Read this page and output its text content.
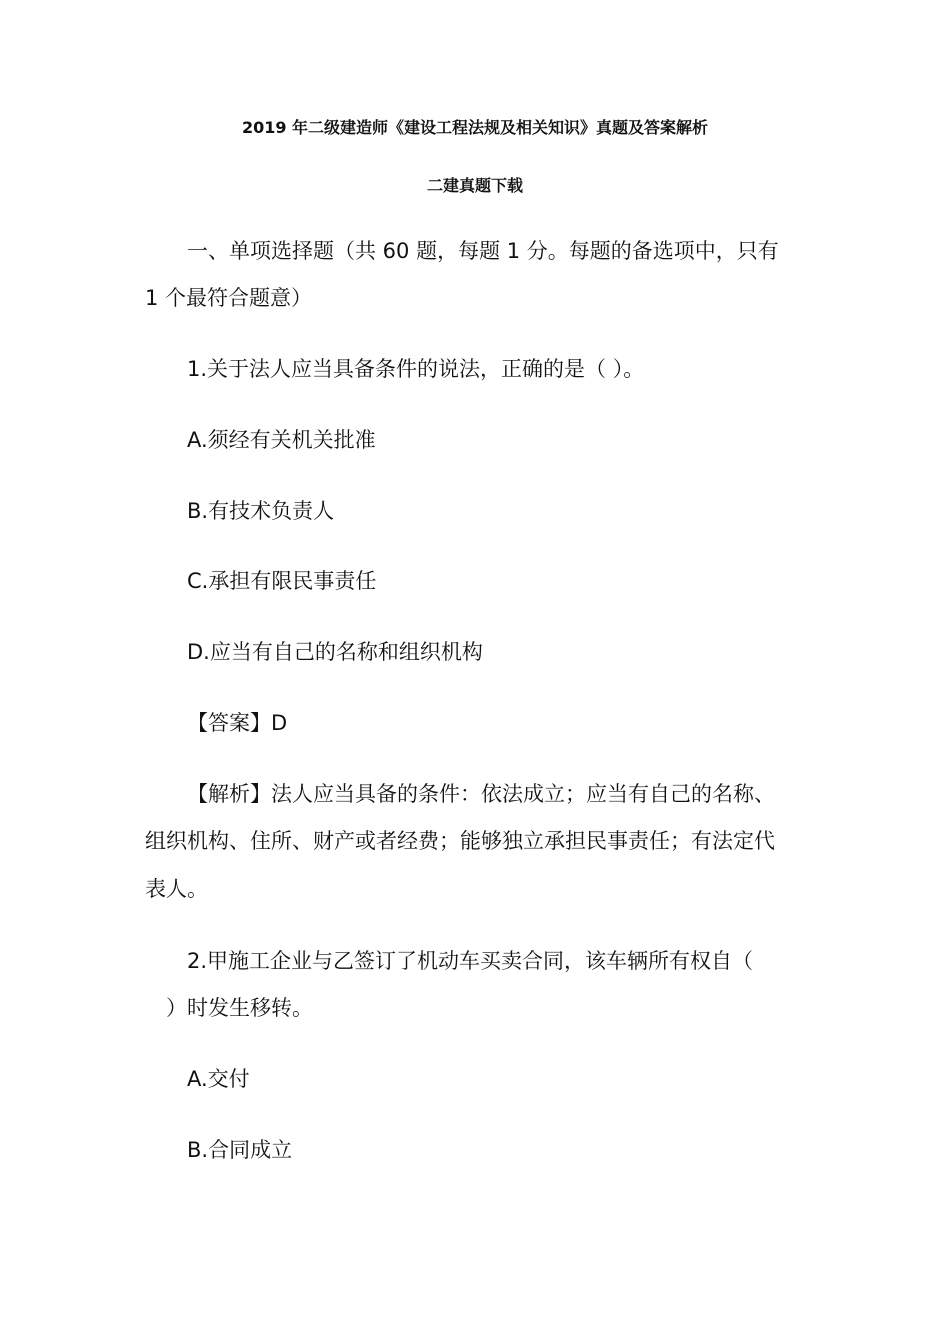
2019 年二级建造师《建设工程法规及相关知识》真题及答案解析
二建真题下载
一、单项选择题（共 60 题，每题 1 分。每题的备选项中，只有
1 个最符合题意）
1.关于法人应当具备条件的说法，正确的是（ ）。
A.须经有关机关批准
B.有技术负责人
C.承担有限民事责任
D.应当有自己的名称和组织机构
【答案】D
【解析】法人应当具备的条件：依法成立；应当有自己的名称、
组织机构、住所、财产或者经费；能够独立承担民事责任；有法定代
表人。
2.甲施工企业与乙签订了机动车买卖合同，该车辆所有权自（
）时发生移转。
A.交付
B.合同成立
